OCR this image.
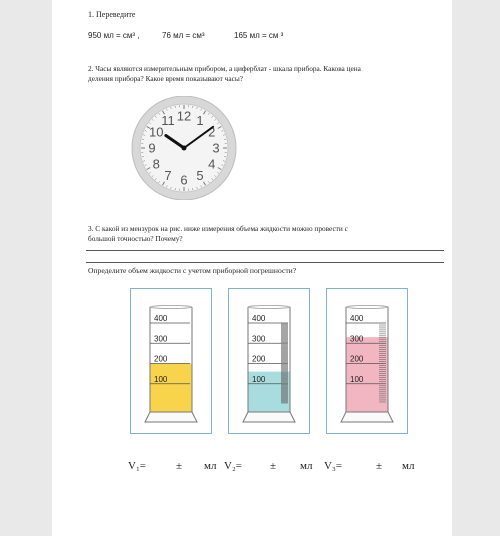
1. Переведите
950 мл = см³ ,	76 мл = см³	165 мл = см ³
2. Часы являются измерительным прибором, а циферблат - шкала прибора. Какова цена
деления прибора? Какое время показывают часы?
12 1
2
3
4
5
6
7
8
9
10
11
3. С какой из мензурок на рис. ниже измерения объема жидкости можно провести с
большой точностью? Почему?
Определите объем жидкости с учетом приборной погрешности?
400
300
200
100
400
300
200
100
400
300
200
100
V₁=	± мл V₂=	± мл V₃=	± мл
